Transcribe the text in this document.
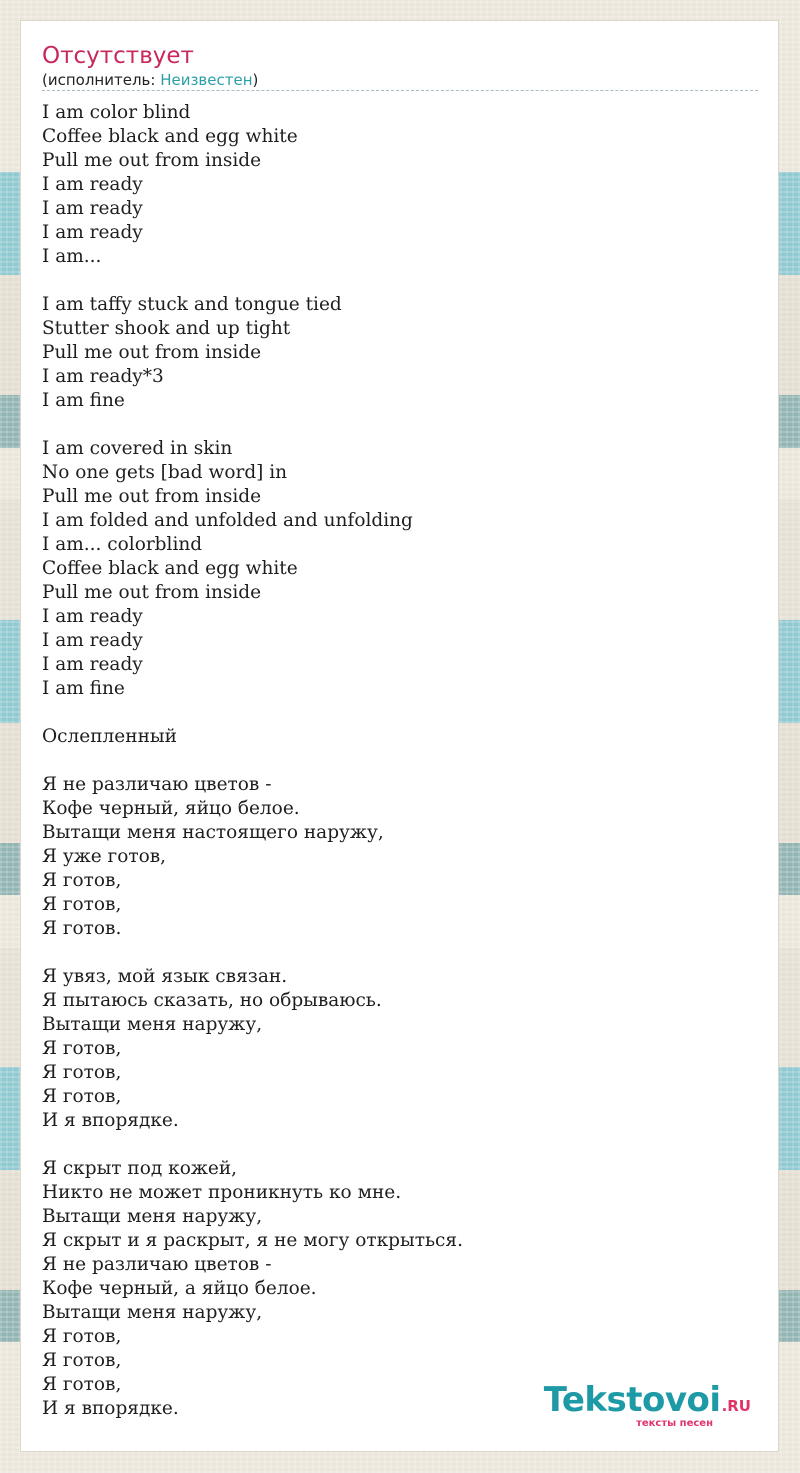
Отсутствует
(исполнитель: Неизвестен)
I am color blind
Coffee black and egg white
Pull me out from inside
I am ready
I am ready
I am ready
I am...
I am taffy stuck and tongue tied
Stutter shook and up tight
Pull me out from inside
I am ready*3
I am fine
I am covered in skin
No one gets [bad word] in
Pull me out from inside
I am folded and unfolded and unfolding
I am... colorblind
Coffee black and egg white
Pull me out from inside
I am ready
I am ready
I am ready
I am fine
Ослепленный
Я не различаю цветов -
Кофе черный, яйцо белое.
Вытащи меня настоящего наружу,
Я уже готов,
Я готов,
Я готов,
Я готов.
Я увяз, мой язык связан.
Я пытаюсь сказать, но обрываюсь.
Вытащи меня наружу,
Я готов,
Я готов,
Я готов,
И я впорядке.
Я скрыт под кожей,
Никто не может проникнуть ко мне.
Вытащи меня наружу,
Я скрыт и я раскрыт, я не могу открыться.
Я не различаю цветов -
Кофе черный, а яйцо белое.
Вытащи меня наружу,
Я готов,
Я готов,
Я готов,
И я впорядке.	Tekstovoi.RU
тексты песен
